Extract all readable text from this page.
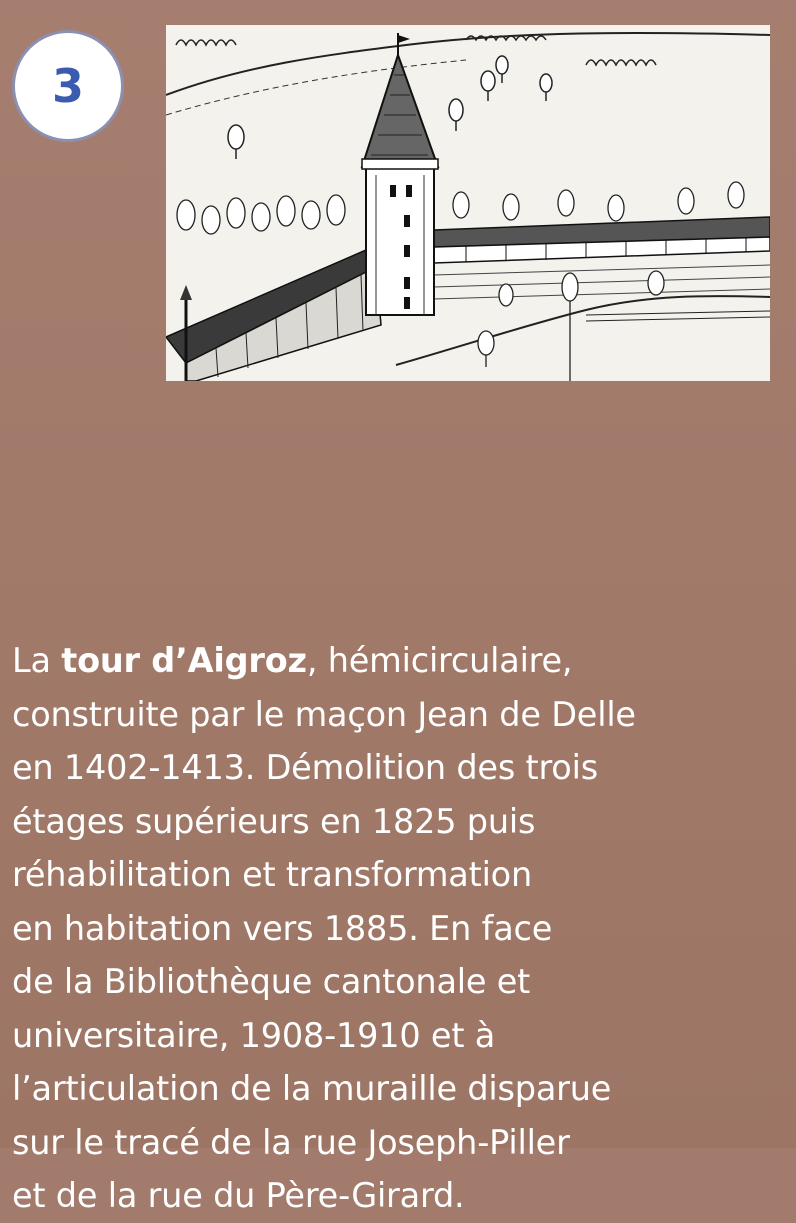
3
La tour d’Aigroz, hémicirculaire,
construite par le maçon Jean de Delle
en 1402-1413. Démolition des trois
étages supérieurs en 1825 puis
réhabilitation et transformation
en habitation vers 1885. En face
de la Bibliothèque cantonale et
universitaire, 1908-1910 et à
l’articulation de la muraille disparue
sur le tracé de la rue Joseph-Piller
et de la rue du Père-Girard.
